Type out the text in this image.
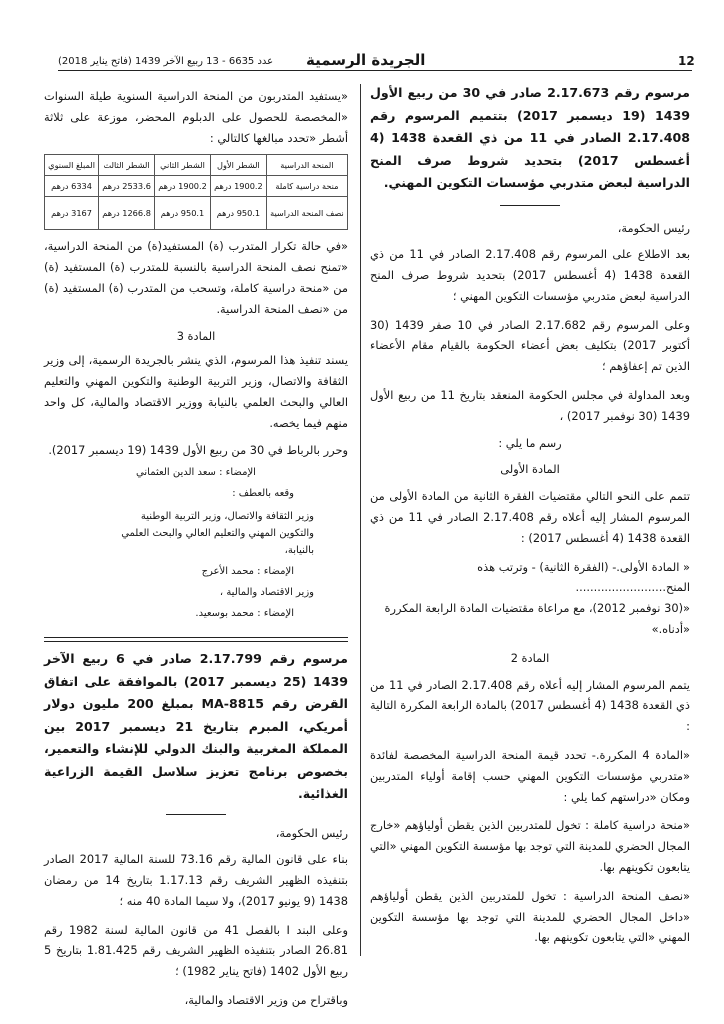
12
الجريدة الرسمية
عدد 6635 - 13 ربيع الآخر 1439 (فاتح يناير 2018)

مرسوم رقم 2.17.673 صادر في 30 من ربيع الأول 1439 (19 ديسمبر 2017) بتتميم المرسوم رقم 2.17.408 الصادر في 11 من ذي القعدة 1438 (4 أغسطس 2017) بتحديد شروط صرف المنح الدراسية لبعض متدربي مؤسسات التكوين المهني.

رئيس الحكومة،

بعد الاطلاع على المرسوم رقم 2.17.408 الصادر في 11 من ذي القعدة 1438 (4 أغسطس 2017) بتحديد شروط صرف المنح الدراسية لبعض متدربي مؤسسات التكوين المهني ؛

وعلى المرسوم رقم 2.17.682 الصادر في 10 صفر 1439 (30 أكتوبر 2017) بتكليف بعض أعضاء الحكومة بالقيام مقام الأعضاء الذين تم إعفاؤهم ؛

وبعد المداولة في مجلس الحكومة المنعقد بتاريخ 11 من ربيع الأول 1439 (30 نوفمبر 2017) ،

رسم ما يلي :

المادة الأولى

تتمم على النحو التالي مقتضيات الفقرة الثانية من المادة الأولى من المرسوم المشار إليه أعلاه رقم 2.17.408 الصادر في 11 من ذي القعدة 1438 (4 أغسطس 2017) :

« المادة الأولى.- (الفقرة الثانية) - وترتب هذه المنح.........................

«(30 نوفمبر 2012)، مع مراعاة مقتضيات المادة الرابعة المكررة

«أدناه.»

المادة 2

يتمم المرسوم المشار إليه أعلاه رقم 2.17.408 الصادر في 11 من ذي القعدة 1438 (4 أغسطس 2017) بالمادة الرابعة المكررة التالية :

«المادة 4 المكررة.- تحدد قيمة المنحة الدراسية المخصصة لفائدة «متدربي مؤسسات التكوين المهني حسب إقامة أولياء المتدربين ومكان «دراستهم كما يلي :

«منحة دراسية كاملة : تخول للمتدربين الذين يقطن أولياؤهم «خارج المجال الحضري للمدينة التي توجد بها مؤسسة التكوين المهني «التي يتابعون تكوينهم بها.

«نصف المنحة الدراسية : تخول للمتدربين الذين يقطن أولياؤهم «داخل المجال الحضري للمدينة التي توجد بها مؤسسة التكوين المهني «التي يتابعون تكوينهم بها.

«يستفيد المتدربون من المنحة الدراسية السنوية طيلة السنوات «المخصصة للحصول على الدبلوم المحضر، موزعة على ثلاثة أشطر «تحدد مبالغها كالتالي :

المنحة الدراسية	الشطر الأول	الشطر الثاني	الشطر الثالث	المبلغ السنوي
منحة دراسية كاملة	1900.2 درهم	1900.2 درهم	2533.6 درهم	6334 درهم
نصف المنحة الدراسية	950.1 درهم	950.1 درهم	1266.8 درهم	3167 درهم

«في حالة تكرار المتدرب (ة) المستفيد(ة) من المنحة الدراسية، «تمنح نصف المنحة الدراسية بالنسبة للمتدرب (ة) المستفيد (ة) من «منحة دراسية كاملة، وتسحب من المتدرب (ة) المستفيد (ة) من «نصف المنحة الدراسية.

المادة 3

يسند تنفيذ هذا المرسوم، الذي ينشر بالجريدة الرسمية، إلى وزير الثقافة والاتصال، وزير التربية الوطنية والتكوين المهني والتعليم العالي والبحث العلمي بالنيابة ووزير الاقتصاد والمالية، كل واحد منهم فيما يخصه.

وحرر بالرباط في 30 من ربيع الأول 1439 (19 ديسمبر 2017).

الإمضاء : سعد الدين العثماني

وقعه بالعطف :

وزير الثقافة والاتصال، وزير التربية الوطنية والتكوين المهني والتعليم العالي والبحث العلمي بالنيابة،

الإمضاء : محمد الأعرج

وزير الاقتصاد والمالية ،

الإمضاء : محمد بوسعيد.

مرسوم رقم 2.17.799 صادر في 6 ربيع الآخر 1439 (25 ديسمبر 2017) بالموافقة على اتفاق القرض رقم 8815-MA بمبلغ 200 مليون دولار أمريكي، المبرم بتاريخ 21 ديسمبر 2017 بين المملكة المغربية والبنك الدولي للإنشاء والتعمير، بخصوص برنامج تعزيز سلاسل القيمة الزراعية الغذائية.

رئيس الحكومة،

بناء على قانون المالية رقم 73.16 للسنة المالية 2017 الصادر بتنفيذه الظهير الشريف رقم 1.17.13 بتاريخ 14 من رمضان 1438 (9 يونيو 2017)، ولا سيما المادة 40 منه ؛

وعلى البند I بالفصل 41 من قانون المالية لسنة 1982 رقم 26.81 الصادر بتنفيذه الظهير الشريف رقم 1.81.425 بتاريخ 5 ربيع الأول 1402 (فاتح يناير 1982) ؛

وباقتراح من وزير الاقتصاد والمالية،
